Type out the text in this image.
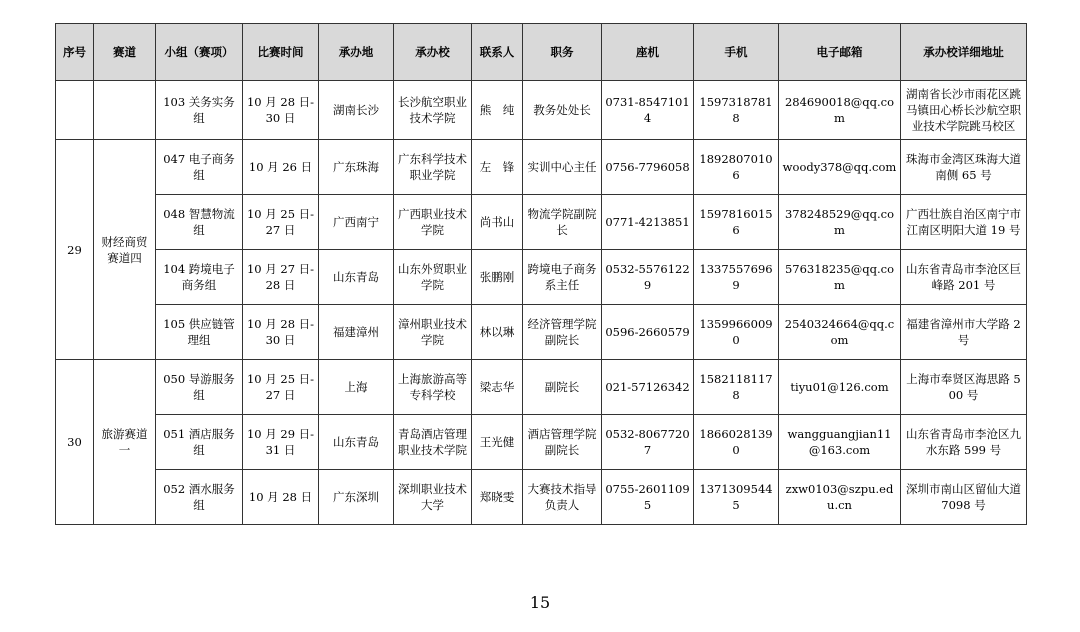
序号	赛道	小组（赛项）	比赛时间	承办地	承办校	联系人	职务	座机	手机	电子邮箱	承办校详细地址
		103 关务实务组	10 月 28 日-30 日	湖南长沙	长沙航空职业技术学院	熊　纯	教务处处长	0731-85471014	15973187818	284690018@qq.com	湖南省长沙市雨花区跳马镇田心桥长沙航空职业技术学院跳马校区
29	财经商贸赛道四	047 电子商务组	10 月 26 日	广东珠海	广东科学技术职业学院	左　锋	实训中心主任	0756-7796058	18928070106	woody378@qq.com	珠海市金湾区珠海大道南侧 65 号
		048 智慧物流组	10 月 25 日-27 日	广西南宁	广西职业技术学院	尚书山	物流学院副院长	0771-4213851	15978160156	378248529@qq.com	广西壮族自治区南宁市江南区明阳大道 19 号
		104 跨境电子商务组	10 月 27 日-28 日	山东青岛	山东外贸职业学院	张鹏刚	跨境电子商务系主任	0532-55761229	13375576969	576318235@qq.com	山东省青岛市李沧区巨峰路 201 号
		105 供应链管理组	10 月 28 日-30 日	福建漳州	漳州职业技术学院	林以琳	经济管理学院副院长	0596-2660579	13599660090	2540324664@qq.com	福建省漳州市大学路 2 号
30	旅游赛道一	050 导游服务组	10 月 25 日-27 日	上海	上海旅游高等专科学校	梁志华	副院长	021-57126342	15821181178	tiyu01@126.com	上海市奉贤区海思路 500 号
		051 酒店服务组	10 月 29 日-31 日	山东青岛	青岛酒店管理职业技术学院	王光健	酒店管理学院副院长	0532-80677207	18660281390	wangguangjian11@163.com	山东省青岛市李沧区九水东路 599 号
		052 酒水服务组	10 月 28 日	广东深圳	深圳职业技术大学	郑晓雯	大赛技术指导负责人	0755-26011095	13713095445	zxw0103@szpu.edu.cn	深圳市南山区留仙大道 7098 号
15
